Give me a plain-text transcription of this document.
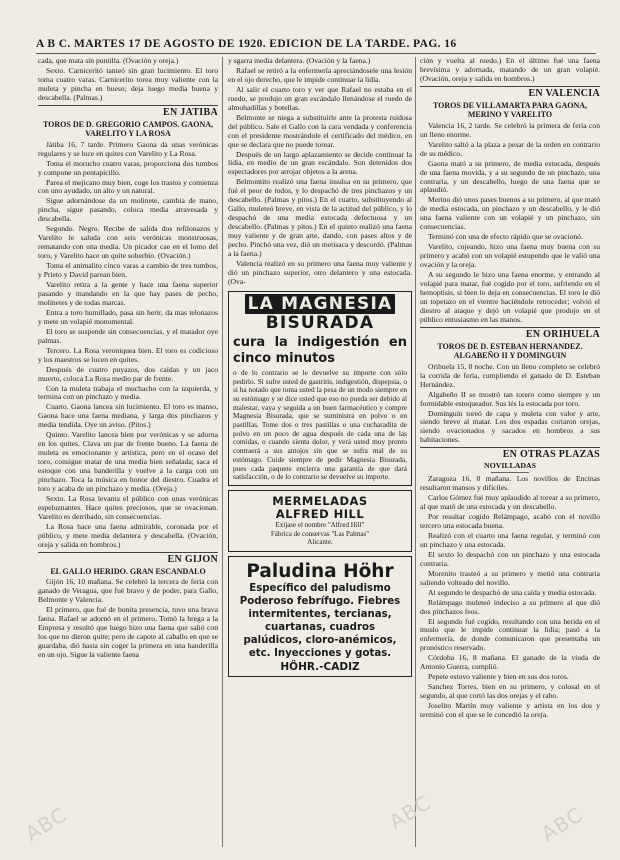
A B C. MARTES 17 DE AGOSTO DE 1920. EDICION DE LA TARDE. PAG. 16

cada, que mata sin puntilla. (Ovación y oreja.)

Sexto. Carniceritó tanteó sin gran lucimiento. El toro toma cuatro varas. Carnicerito torea muy valiente con la muleta y pincha en hueso; deja luego media buena y descabella. (Palmas.)

EN JATIBA
TOROS DE D. GREGORIO CAMPOS. GAONA, VARELITO Y LA ROSA

Játiba 16, 7 tarde. Primero Gaona da unas verónicas regulares y se luce en quites con Varelito y La Rosa.

Toma el morucho cuatro varas, proporciona dos tumbos y compone un pentapicillo.

Parea el mejicano muy bien, coge los trastos y comienza con uno ayudado, un alto y un natural.

Sigue adornándose da un molinete, cambia de mano, pincha, sigue pasando, coloca media atravesada y descabella.

Segundo. Negro. Recibe de salida dos refilonazos y Varelito le saluda con seis verónicas monstruosas, rematando con una media. Un picador cae en el lomo del toro, y Varelito hace un quite soberbio. (Ovación.)

Toma el animalito cinco varas a cambio de tres tumbos, y Prieto y David parean bien.

Varelito retira a la gente y hace una faena superior pasando y mandando en la que hay pases de pecho, molinetes y de todas marcas.

Entra a toro humillado, pasa sin herir, da mas telonazos y mete un volapié monumental.

El toro se suspende sin consecuencias, y el matador oye palmas.

Tercero. La Rosa veroniquea bien. El toro es codicioso y los maestros se lucen en quites.

Después de cuatro puyazos, dos caídas y un jaco muerto, coloca La Rosa medio par de frente.

Con la muleta trabaja el muchacho con la izquierda, y termina con un pinchazo y media.

Cuarto. Gaona lancea sin lucimiento. El toro es manso, Gaona hace una faena mediana, y larga dos pinchazos y media tendida. Oye un aviso. (Pitos.)

Quinto. Varelito lancea bien por verónicas y se adorna en los quites. Clava un par de frente bueno. La faena de muleta es emocionante y artística, pero en el ocaso del toro, consigue matar de una media bien señalada; saca el estoque con una banderilla y vuelve a la carga con un pinchazo. Toca la música en honor del diestro. Cuadra el toro y acaba de un pinchazo y media. (Oreja.)

Sexto. La Rosa levanta el público con unas verónicas espeluznantes. Hace quites preciosos, que se ovacionan. Varelito es derribado, sin consecuencias.

La Rosa hace una faena admirable, coronada por el público, y mete media delantera y descabella. (Ovación, oreja y salida en hombros.)

EN GIJON
EL GALLO HERIDO. GRAN ESCANDALO

Gijón 16, 10 mañana. Se celebró la tercera de feria con ganado de Veragua, que fué bravo y de poder, para Gallo, Belmonte y Valencia.

El primero, que fué de bonita presencia, tuvo una brava faena. Rafael se adornó en el primero. Tomó la brega a la Empresa y resultó que luego hizo una faena que salió con los que no dieron quite; pero de capote al caballo en que se guardaba, dió hasta sin coger la primera en una banderilla en un ojo. Sigue la valiente faena

y sgarra media delantera. (Ovación y la faena.)

Rafael se retiró a la enfermería apreciándosele una lesión en el ojo derecho, que le impide continuar la lidia.

Al salir el cuarto toro y ver que Rafael no estaba en el ruedo, se produjo un gran escándalo llenándose el ruedo de almohadillas y botellas.

Belmonte se niega a substituirle ante la protesta ruidosa del público. Sale el Gallo con la cara vendada y conferencia con el presidente mostrándole el certificado del médico, en que se declara que no puede torear.

Después de un largo aplazamiento se decide continuar la lidia, en medio de un gran escándalo. Son detenidos dos espectadores por arrojar objetos a la arena.

Belmontito realizó una faena insulsa en su primero, que fué el peor de todos, y lo despachó de tres pinchazos y un descabello. (Palmas y pitos.) En el cuarto, substituyendo al Gallo, muleteó breve, en vista de la actitud del público, y lo despachó de una media estocada defectuosa y un descabello. (Palmas y pitos.) En el quinto realizó una faena muy valiente y de gran arte, dando, con pases altos y de pecho. Pinchó una vez, dió un metisaca y descordó. (Palmas a la faena.)

Valencia realizó en su primero una faena muy valiente y dió un pinchazo superior, otro delantero y una estocada. (Ova-

LA MAGNESIA
BISURADA
cura la indigestión en cinco minutos
o de lo contrario se le devuelve su importe con sólo pedirlo. Si sufre usted de gastritis, indigestión, dispepsia, o si ha notado que toma usted la pesa de un modo siempre en su estómago y se dice usted que eso no pueda ser debido al malestar, vaya y seguida a un buen farmacéutico y compre Magnesia Bisurada, que se suministra en polvo o en pastillas. Tome dos o tres pastillas o una cucharadita de polvo en un poco de agua después de cada una de las comidas, o cuando sienta dolor, y verá usted muy pronto contraerá a sus antojos sin que se sufra mal de su estómago. Cuide siempre de pedir Magnesia Bisurada, pues cada paquete encierra una garantía de que dará satisfacción, o de lo contrario se devuelve su importe.
MERMELADAS
ALFRED HILL
Exíjase el nombre "Alfred Hill"
Fábrica de conservas "Las Palmas"
Alicante.
Paludina Höhr
Específico del paludismo Poderoso febrífugo. Fiebres intermitentes, tercianas, cuartanas, cuadros palúdicos, cloro-anémicos, etc. Inyecciones y gotas.
HÖHR.-CADIZ

ción y vuelta al ruedo.) En el último fué una faena brevísima y adornada, matando de un gran volapié. (Ovación, oreja y salida en hombros.)

EN VALENCIA
TOROS DE VILLAMARTA PARA GAONA, MERINO Y VARELITO

Valencia 16, 2 tarde. Se celebró la primera de feria con un lleno enorme.

Varelito saltó a la plaza a pesar de la orden en contrario de su médico.

Gaona mató a su primero, de media estocada, después de una faena movida, y a su segundo de un pinchazo, una contraria, y un descabello, luego de una faena que se aplaudió.

Merino dió unos pases buenos a su primero, al que mató de media estocada, un pinchazo y un descabello, y le dió una faena valiente con un volapié y un pinchazo, sin consecuencias.

Terminó con una de efecto rápido que se ovacionó.

Varelito, cojeando, hizo una faena muy buena con su primero y acabó con un volapié estupendo que le valió una ovación y la oreja.

A su segundo le hizo una faena enorme, y entrando al volapié para matar, fué cogido por el toro, sufriendo en el hemoptisis, si bien lo deja en consecuencias. El toro le dió un topetazo en el vientre haciéndole retroceder; volvió el diestro al ataque y dejó un volapié que produjo en el público entusiasmo en las manos.

EN ORIHUELA
TOROS DE D. ESTEBAN HERNANDEZ. ALGABEÑO II Y DOMINGUIN

Orihuela 15, 8 noche. Con un lleno completo se celebró la corrida de feria, cumpliendo el ganado de D. Esteban Hernández.

Algabeño II se mostró tan torero como siempre y un formidable estoqueador. Sus lés la estocada por toro.

Dominguín toreó de capa y muleta con valor y arte, siendo breve al matar. Los dos espadas cortaron orejas, siendo ovacionados y sacados en hombros a sus habitaciones.

EN OTRAS PLAZAS
NOVILLADAS

Zaragoza 16, 8 mañana. Los novillos de Encinas resultaron mansos y difíciles.

Carlos Gómez fué muy aplaudido al torear a su primero, al que mató de una estocada y un descabello.

Por resultar cogido Relámpago, acabó con el novillo tercero una estocada buena.

Realizó con el cuarto una faena regular, y terminó con un pinchazo y una estocada.

El sexto lo despachó con un pinchazo y una estocada contraria.

Morenito trasteó a su primero y metió una contraria saliendo volteado del novillo.

Al segundo le despachó de una caída y media estocada.

Relámpago muleteó indeciso a su primero al que dió dos pinchazos feos.

El segundo fué cogido, resultando con una herida en el muslo que le impide continuar la lidia; pasó a la enfermería, de donde comunicaron que presentaba un pronóstico reservado.

Córdoba 16, 8 mañana. El ganado de la viuda de Antonio Guerra, cumplió.

Pepete estuvo valiente y bien en sus dos toros.

Sanchez Torres, bien en su primero, y colosal en el segundo, al que cortó las dos orejas y el rabo.

Joselito Martín muy valiente y artista en los dos y terminó con el que se le concedió la oreja.

ABC	ABC	ABC
